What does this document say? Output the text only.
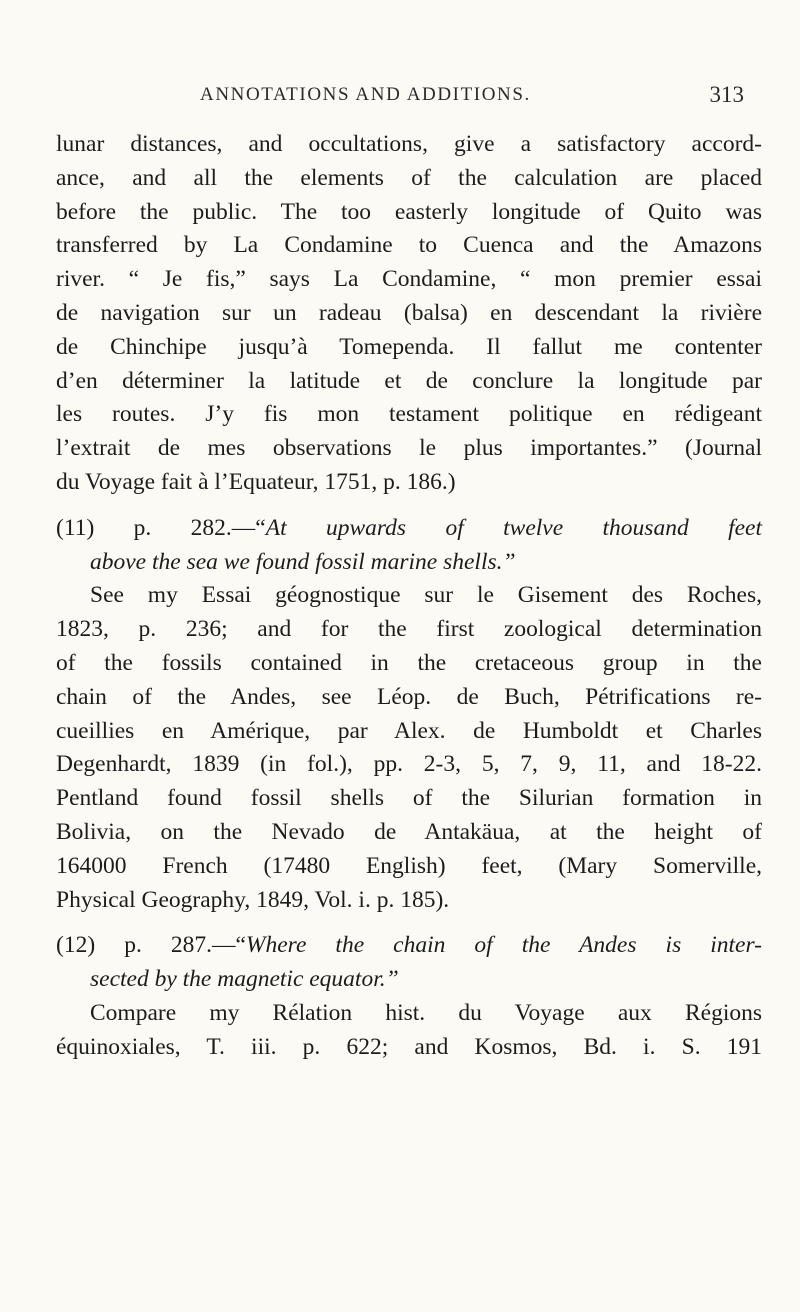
ANNOTATIONS AND ADDITIONS.	313
lunar distances, and occultations, give a satisfactory accord-
ance, and all the elements of the calculation are placed
before the public. The too easterly longitude of Quito was
transferred by La Condamine to Cuenca and the Amazons
river. “ Je fis,” says La Condamine, “ mon premier essai
de navigation sur un radeau (balsa) en descendant la rivière
de Chinchipe jusqu’à Tomependa. Il fallut me contenter
d’en déterminer la latitude et de conclure la longitude par
les routes. J’y fis mon testament politique en rédigeant
l’extrait de mes observations le plus importantes.” (Journal
du Voyage fait à l’Equateur, 1751, p. 186.)
(11) p. 282.—“At upwards of twelve thousand feet
above the sea we found fossil marine shells.”
See my Essai géognostique sur le Gisement des Roches,
1823, p. 236; and for the first zoological determination
of the fossils contained in the cretaceous group in the
chain of the Andes, see Léop. de Buch, Pétrifications re-
cueillies en Amérique, par Alex. de Humboldt et Charles
Degenhardt, 1839 (in fol.), pp. 2-3, 5, 7, 9, 11, and 18-22.
Pentland found fossil shells of the Silurian formation in
Bolivia, on the Nevado de Antakäua, at the height of
164000 French (17480 English) feet, (Mary Somerville,
Physical Geography, 1849, Vol. i. p. 185).
(12) p. 287.—“Where the chain of the Andes is inter-
sected by the magnetic equator.”
Compare my Rélation hist. du Voyage aux Régions
équinoxiales, T. iii. p. 622; and Kosmos, Bd. i. S. 191
